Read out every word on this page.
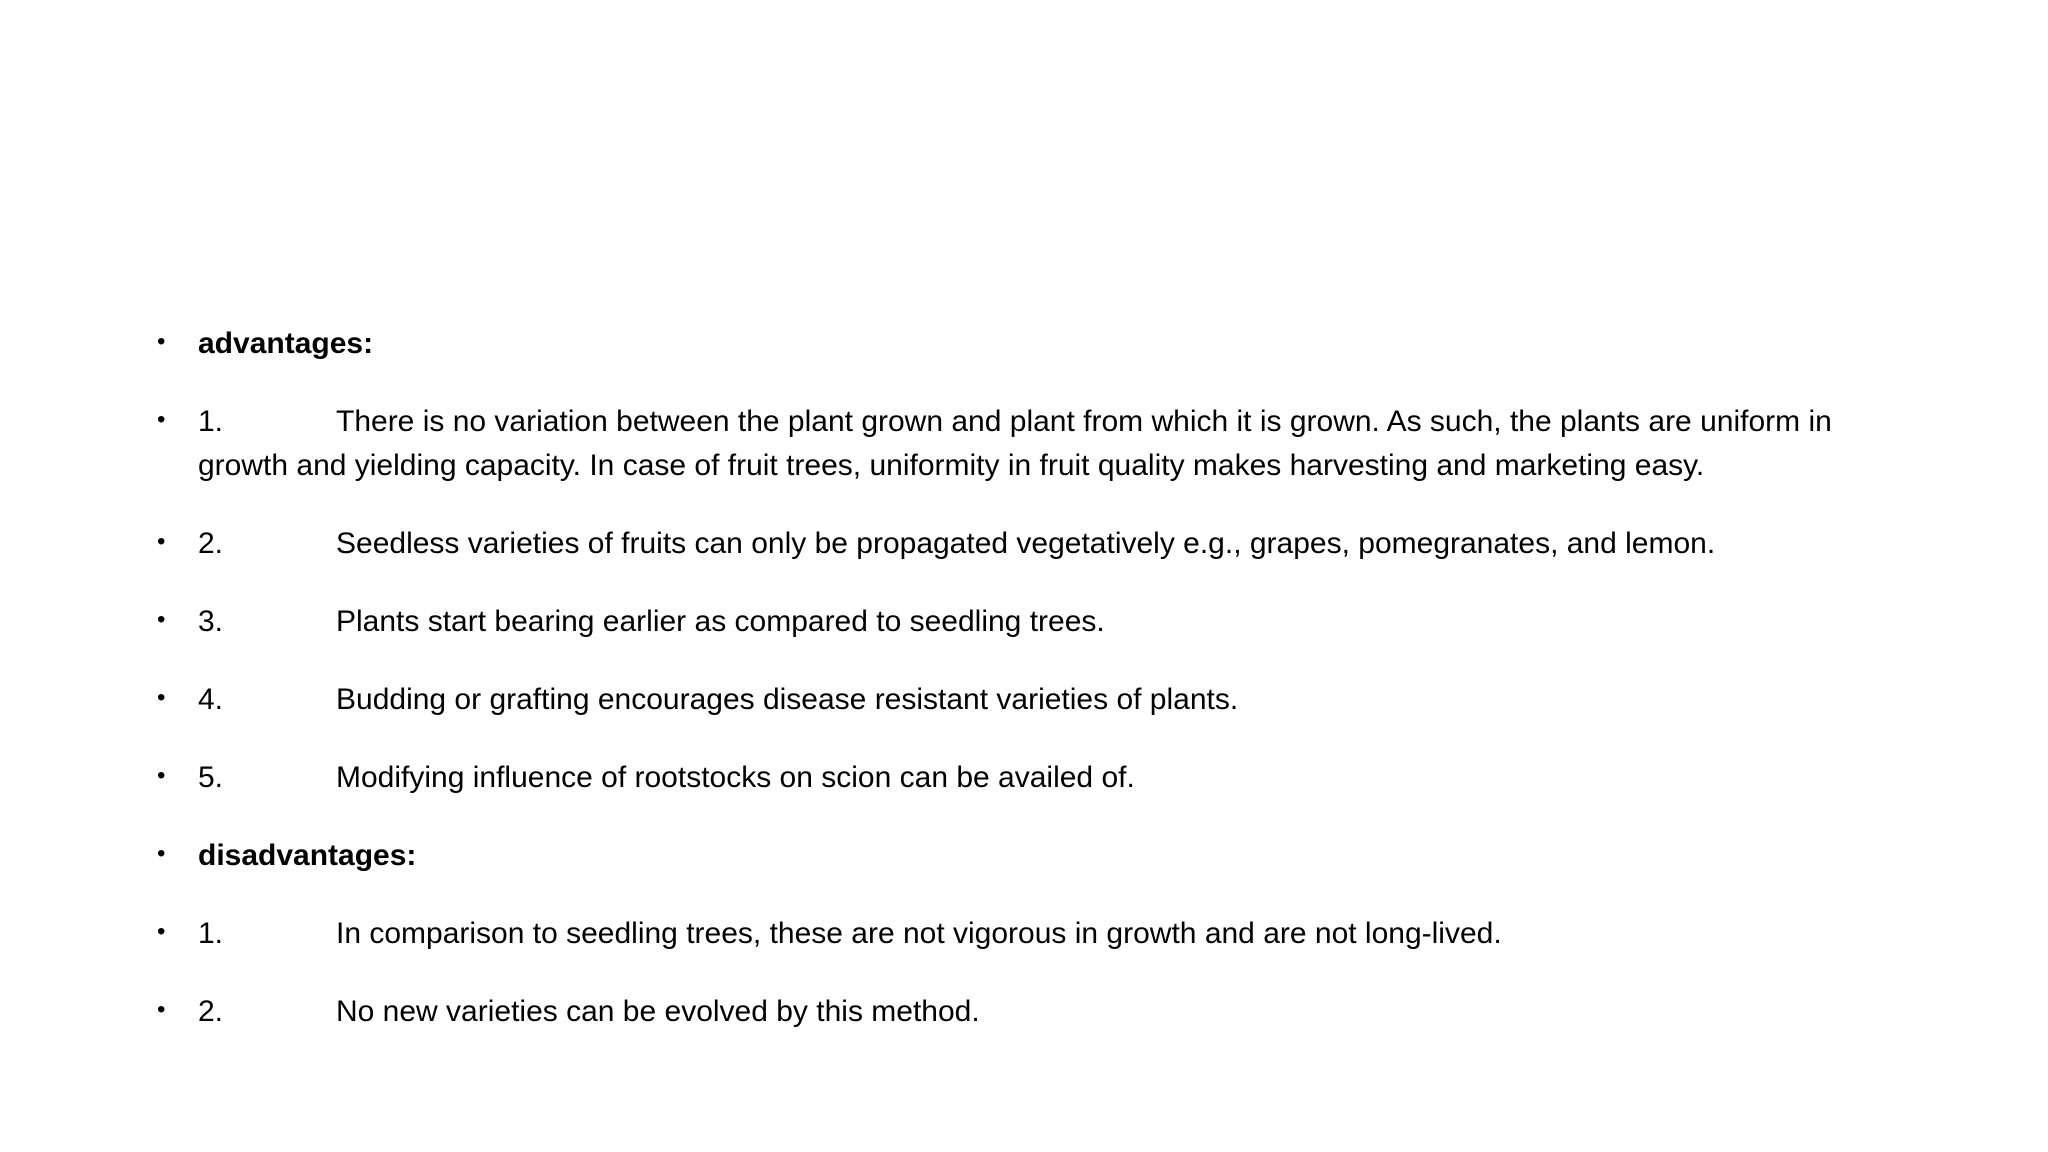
• advantages:
• 1.	There is no variation between the plant grown and plant from which it is grown. As such, the plants are uniform in growth and yielding capacity. In case of fruit trees, uniformity in fruit quality makes harvesting and marketing easy.
• 2.	Seedless varieties of fruits can only be propagated vegetatively e.g., grapes, pomegranates, and lemon.
• 3.	Plants start bearing earlier as compared to seedling trees.
• 4.	Budding or grafting encourages disease resistant varieties of plants.
• 5.	Modifying influence of rootstocks on scion can be availed of.
• disadvantages:
• 1.	In comparison to seedling trees, these are not vigorous in growth and are not long-lived.
• 2.	No new varieties can be evolved by this method.
